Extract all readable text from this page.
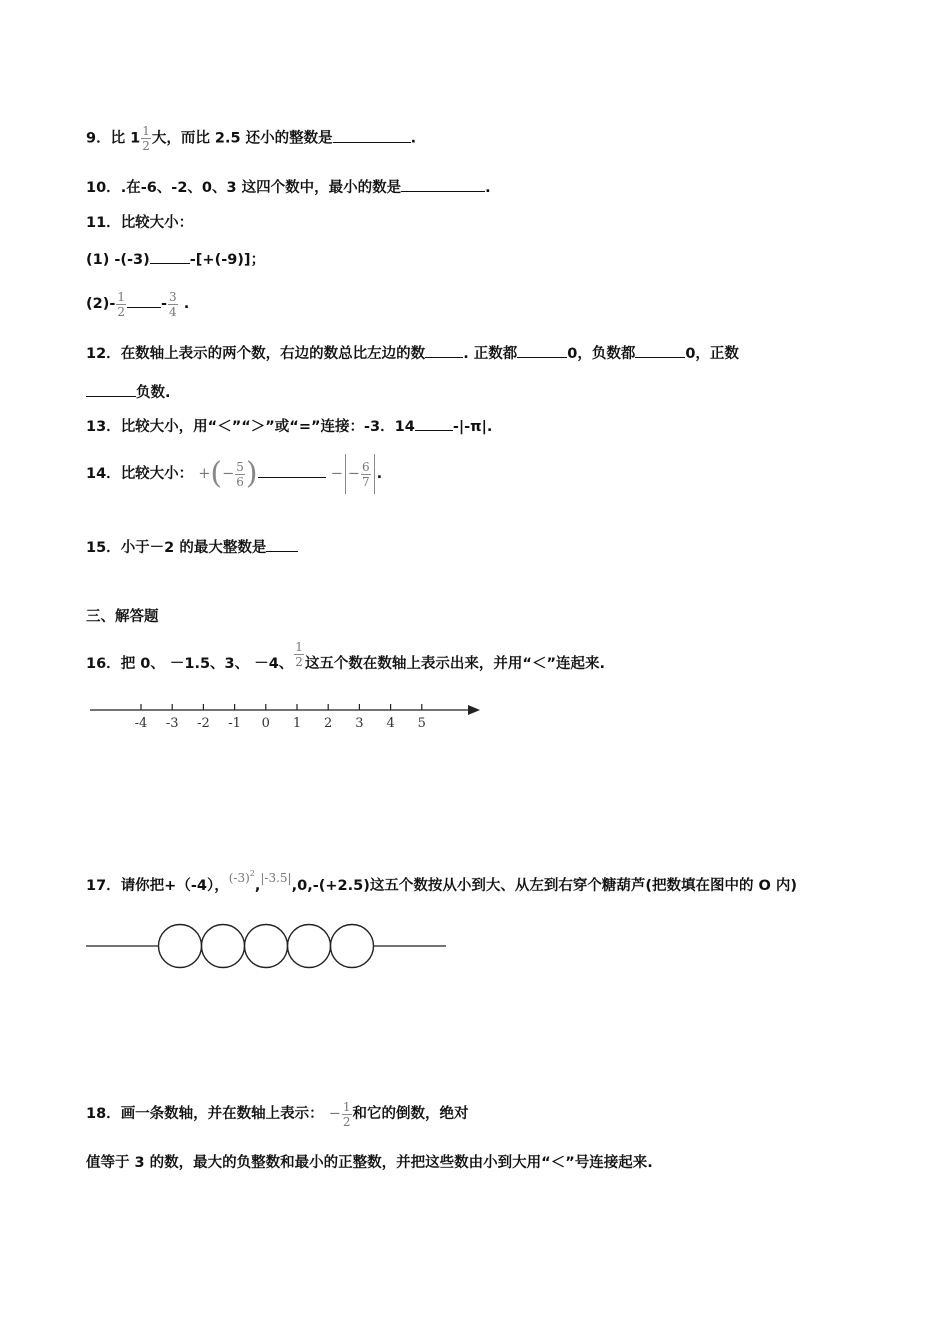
9．比 $1 \frac{1}{2}$ 大，而比 2.5 还小的整数是	.
10．.在-6、-2、0、3 这四个数中，最小的数是	.
11．比较大小：
(1) -(-3)	-[+(-9)]；
$(2)- \frac{1}{2} - \frac{3}{4}$ .
12．在数轴上表示的两个数，右边的数总比左边的数	. 正数都	0，负数都	0，正数
负数.
13．比较大小，用“＜”“＞”或“=”连接：-3．14	-|-π|.
14．比较大小： +(− $\frac{5}{6}$ )	− − $\frac{6}{7}$ .
15．小于－2 的最大整数是
三、解答题
16．把 0、 －1.5、3、 －4、 $\frac{1}{2}$ 这五个数在数轴上表示出来，并用“＜”连起来.
-4 -3 -2 -1 0 1 2 3 4 5
17．请你把+（-4），$^{(-3)^2}$,$^{|-3.5|}$,0,-(+2.5)这五个数按从小到大、从左到右穿个糖葫芦(把数填在图中的 O 内)
18．画一条数轴，并在数轴上表示： − $\frac{1}{2}$ 和它的倒数，绝对
值等于 3 的数，最大的负整数和最小的正整数，并把这些数由小到大用“＜”号连接起来.
